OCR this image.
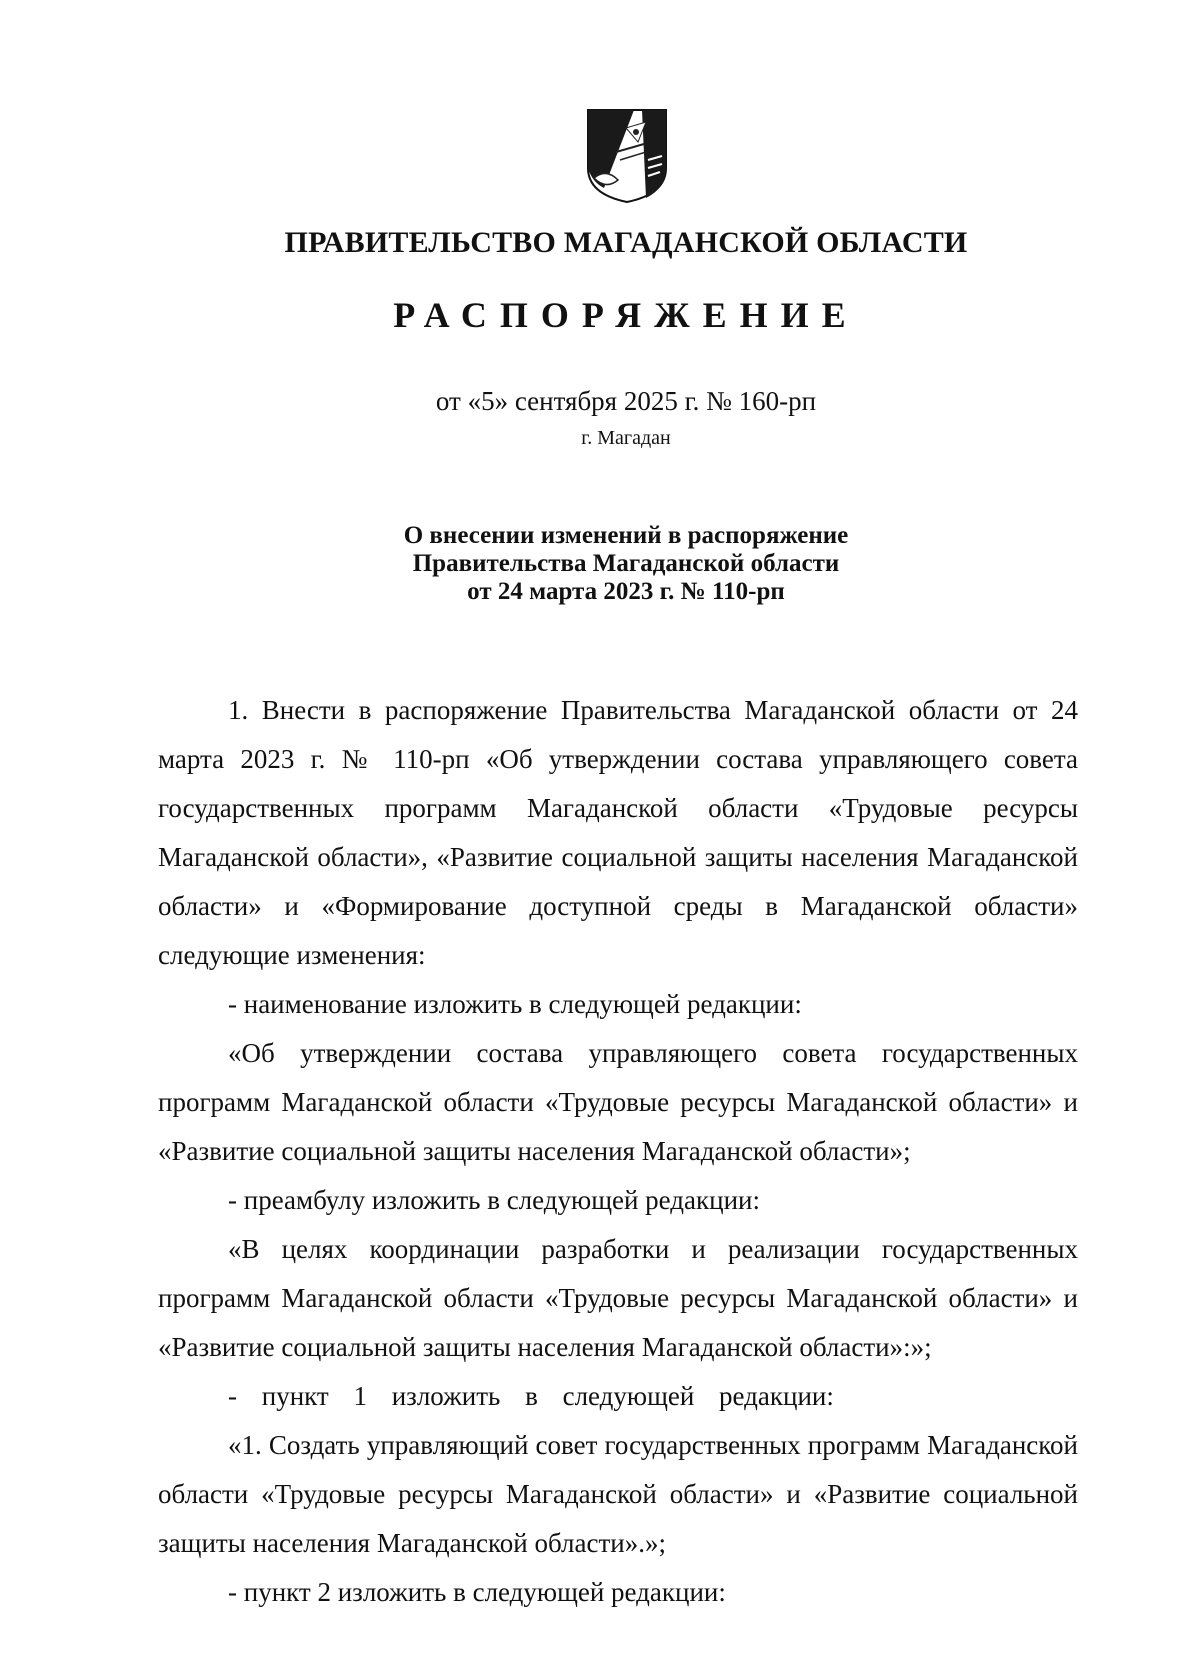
ПРАВИТЕЛЬСТВО МАГАДАНСКОЙ ОБЛАСТИ
РАСПОРЯЖЕНИЕ
от «5» сентября 2025 г. № 160-рп
г. Магадан
О внесении изменений в распоряжение
Правительства Магаданской области
от 24 марта 2023 г. № 110-рп

1. Внести в распоряжение Правительства Магаданской области от 24 марта 2023 г. № 110-рп «Об утверждении состава управляющего совета государственных программ Магаданской области «Трудовые ресурсы Магаданской области», «Развитие социальной защиты населения Магаданской области» и «Формирование доступной среды в Магаданской области» следующие изменения:

- наименование изложить в следующей редакции:

«Об утверждении состава управляющего совета государственных программ Магаданской области «Трудовые ресурсы Магаданской области» и «Развитие социальной защиты населения Магаданской области»;

- преамбулу изложить в следующей редакции:

«В целях координации разработки и реализации государственных программ Магаданской области «Трудовые ресурсы Магаданской области» и «Развитие социальной защиты населения Магаданской области»:»;

- пункт 1 изложить в следующей редакции:

«1. Создать управляющий совет государственных программ Магаданской области «Трудовые ресурсы Магаданской области» и «Развитие социальной защиты населения Магаданской области».»;

- пункт 2 изложить в следующей редакции:
